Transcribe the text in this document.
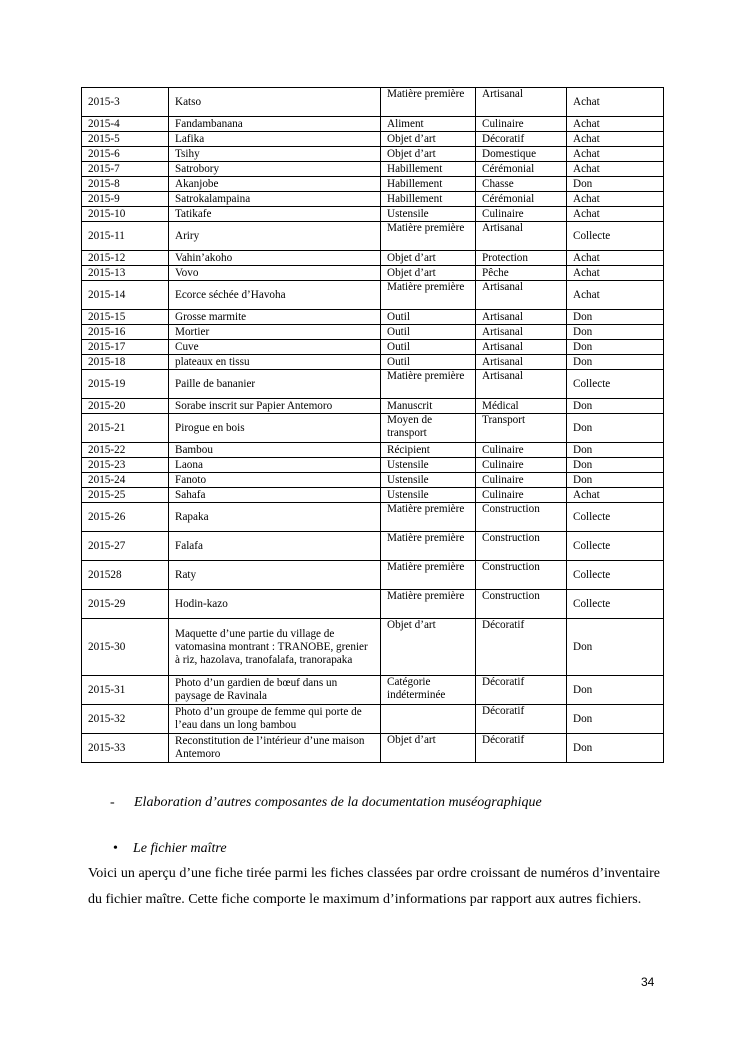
2015-3	Katso	Matière première	Artisanal	Achat
2015-4	Fandambanana	Aliment	Culinaire	Achat
2015-5	Lafika	Objet d’art	Décoratif	Achat
2015-6	Tsihy	Objet d’art	Domestique	Achat
2015-7	Satrobory	Habillement	Cérémonial	Achat
2015-8	Akanjobe	Habillement	Chasse	Don
2015-9	Satrokalampaina	Habillement	Cérémonial	Achat
2015-10	Tatikafe	Ustensile	Culinaire	Achat
2015-11	Ariry	Matière première	Artisanal	Collecte
2015-12	Vahin’akoho	Objet d’art	Protection	Achat
2015-13	Vovo	Objet d’art	Pêche	Achat
2015-14	Ecorce séchée d’Havoha	Matière première	Artisanal	Achat
2015-15	Grosse marmite	Outil	Artisanal	Don
2015-16	Mortier	Outil	Artisanal	Don
2015-17	Cuve	Outil	Artisanal	Don
2015-18	plateaux en tissu	Outil	Artisanal	Don
2015-19	Paille de bananier	Matière première	Artisanal	Collecte
2015-20	Sorabe inscrit sur Papier Antemoro	Manuscrit	Médical	Don
2015-21	Pirogue en bois	Moyen de transport	Transport	Don
2015-22	Bambou	Récipient	Culinaire	Don
2015-23	Laona	Ustensile	Culinaire	Don
2015-24	Fanoto	Ustensile	Culinaire	Don
2015-25	Sahafa	Ustensile	Culinaire	Achat
2015-26	Rapaka	Matière première	Construction	Collecte
2015-27	Falafa	Matière première	Construction	Collecte
201528	Raty	Matière première	Construction	Collecte
2015-29	Hodin-kazo	Matière première	Construction	Collecte
2015-30	Maquette d’une partie du village de vatomasina montrant : TRANOBE, grenier à riz, hazolava, tranofalafa, tranorapaka	Objet d’art	Décoratif	Don
2015-31	Photo d’un gardien de bœuf dans un paysage de Ravinala	Catégorie indéterminée	Décoratif	Don
2015-32	Photo d’un groupe de femme qui porte de l’eau dans un long bambou		Décoratif	Don
2015-33	Reconstitution de l’intérieur d’une maison Antemoro	Objet d’art	Décoratif	Don
- Elaboration d’autres composantes de la documentation muséographique
• Le fichier maître
Voici un aperçu d’une fiche tirée parmi les fiches classées par ordre croissant de numéros d’inventaire du fichier maître. Cette fiche comporte le maximum d’informations par rapport aux autres fichiers.
34
